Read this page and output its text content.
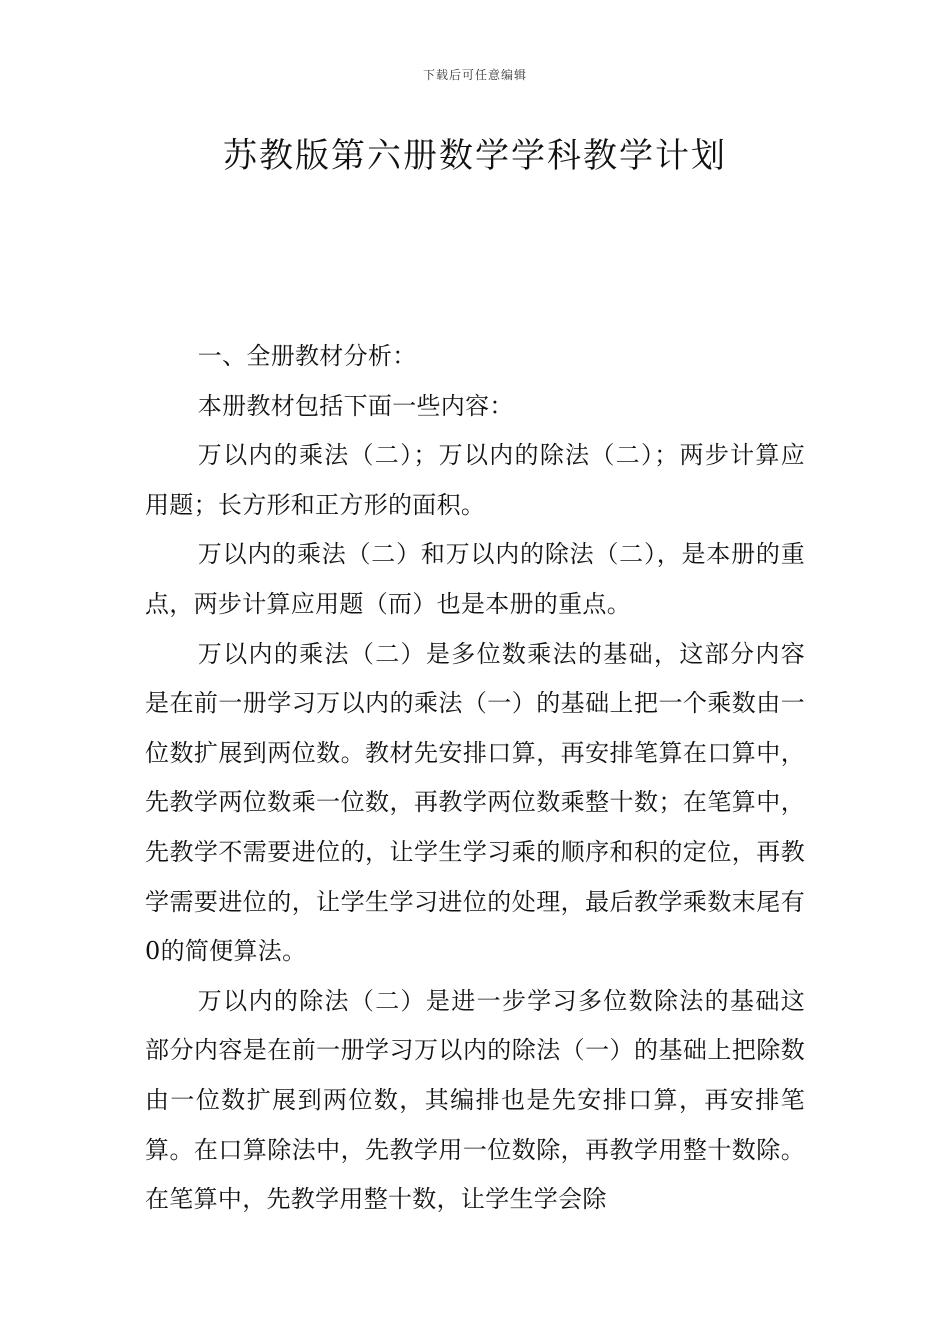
下载后可任意编辑
苏教版第六册数学学科教学计划

一、全册教材分析：

本册教材包括下面一些内容：

万以内的乘法（二）；万以内的除法（二）；两步计算应用题；长方形和正方形的面积。

万以内的乘法（二）和万以内的除法（二），是本册的重点，两步计算应用题（而）也是本册的重点。

万以内的乘法（二）是多位数乘法的基础，这部分内容是在前一册学习万以内的乘法（一）的基础上把一个乘数由一位数扩展到两位数。教材先安排口算，再安排笔算在口算中，先教学两位数乘一位数，再教学两位数乘整十数；在笔算中，先教学不需要进位的，让学生学习乘的顺序和积的定位，再教学需要进位的，让学生学习进位的处理，最后教学乘数末尾有0的简便算法。

万以内的除法（二）是进一步学习多位数除法的基础这部分内容是在前一册学习万以内的除法（一）的基础上把除数由一位数扩展到两位数，其编排也是先安排口算，再安排笔算。在口算除法中，先教学用一位数除，再教学用整十数除。在笔算中，先教学用整十数，让学生学会除
